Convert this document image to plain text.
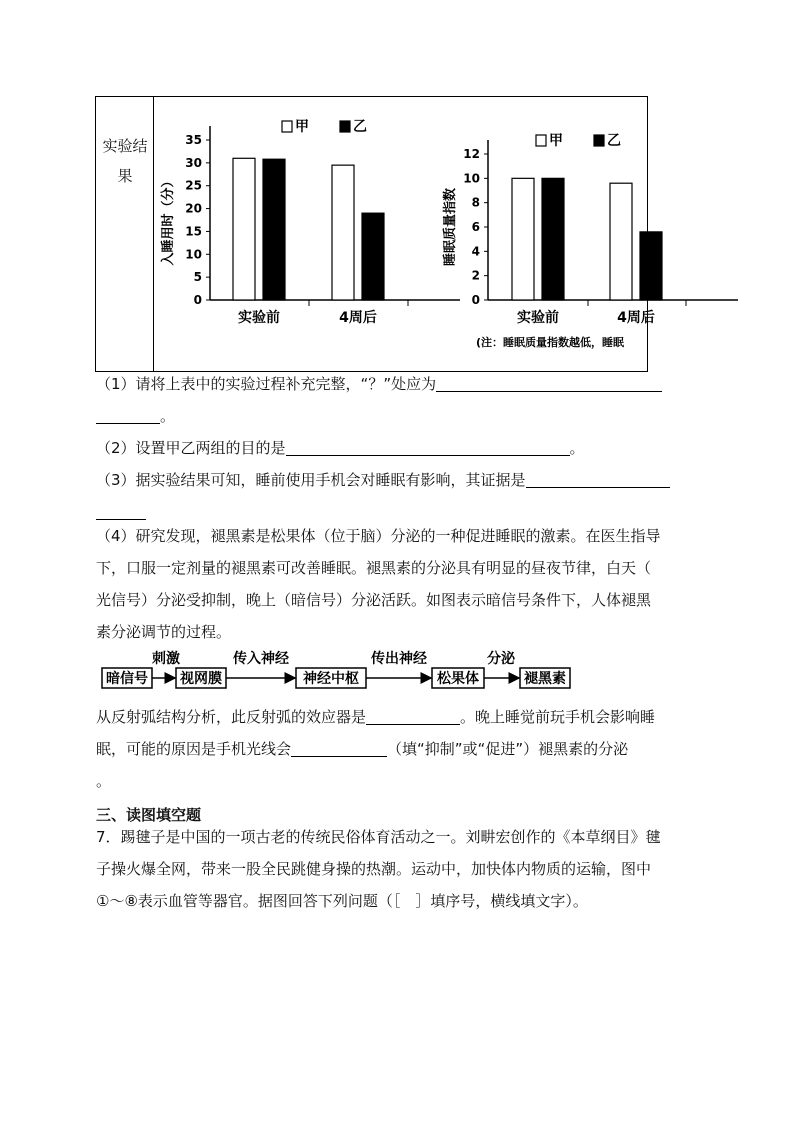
实验结
果
0
5
10
15
20
25
30
35
实验前	4周后
入睡用时（分）
甲	乙
0
2
4
6
8
10
12
实验前	4周后
睡眠质量指数
甲	乙
(注：睡眠质量指数越低，睡眠
（1）请将上表中的实验过程补充完整，“？”处应为
。
（2）设置甲乙两组的目的是	。
（3）据实验结果可知，睡前使用手机会对睡眠有影响，其证据是
（4）研究发现，褪黑素是松果体（位于脑）分泌的一种促进睡眠的激素。在医生指导
下，口服一定剂量的褪黑素可改善睡眠。褪黑素的分泌具有明显的昼夜节律，白天（
光信号）分泌受抑制，晚上（暗信号）分泌活跃。如图表示暗信号条件下，人体褪黑
素分泌调节的过程。
暗信号 视网膜	神经中枢	松果体	褪黑素
刺激	传入神经	传出神经	分泌
从反射弧结构分析，此反射弧的效应器是	。晚上睡觉前玩手机会影响睡
眠，可能的原因是手机光线会	（填“抑制”或“促进”）褪黑素的分泌
。
三、读图填空题
7．踢毽子是中国的一项古老的传统民俗体育活动之一。刘畊宏创作的《本草纲目》毽
子操火爆全网，带来一股全民跳健身操的热潮。运动中，加快体内物质的运输，图中
①～⑧表示血管等器官。据图回答下列问题（［　］填序号，横线填文字）。
